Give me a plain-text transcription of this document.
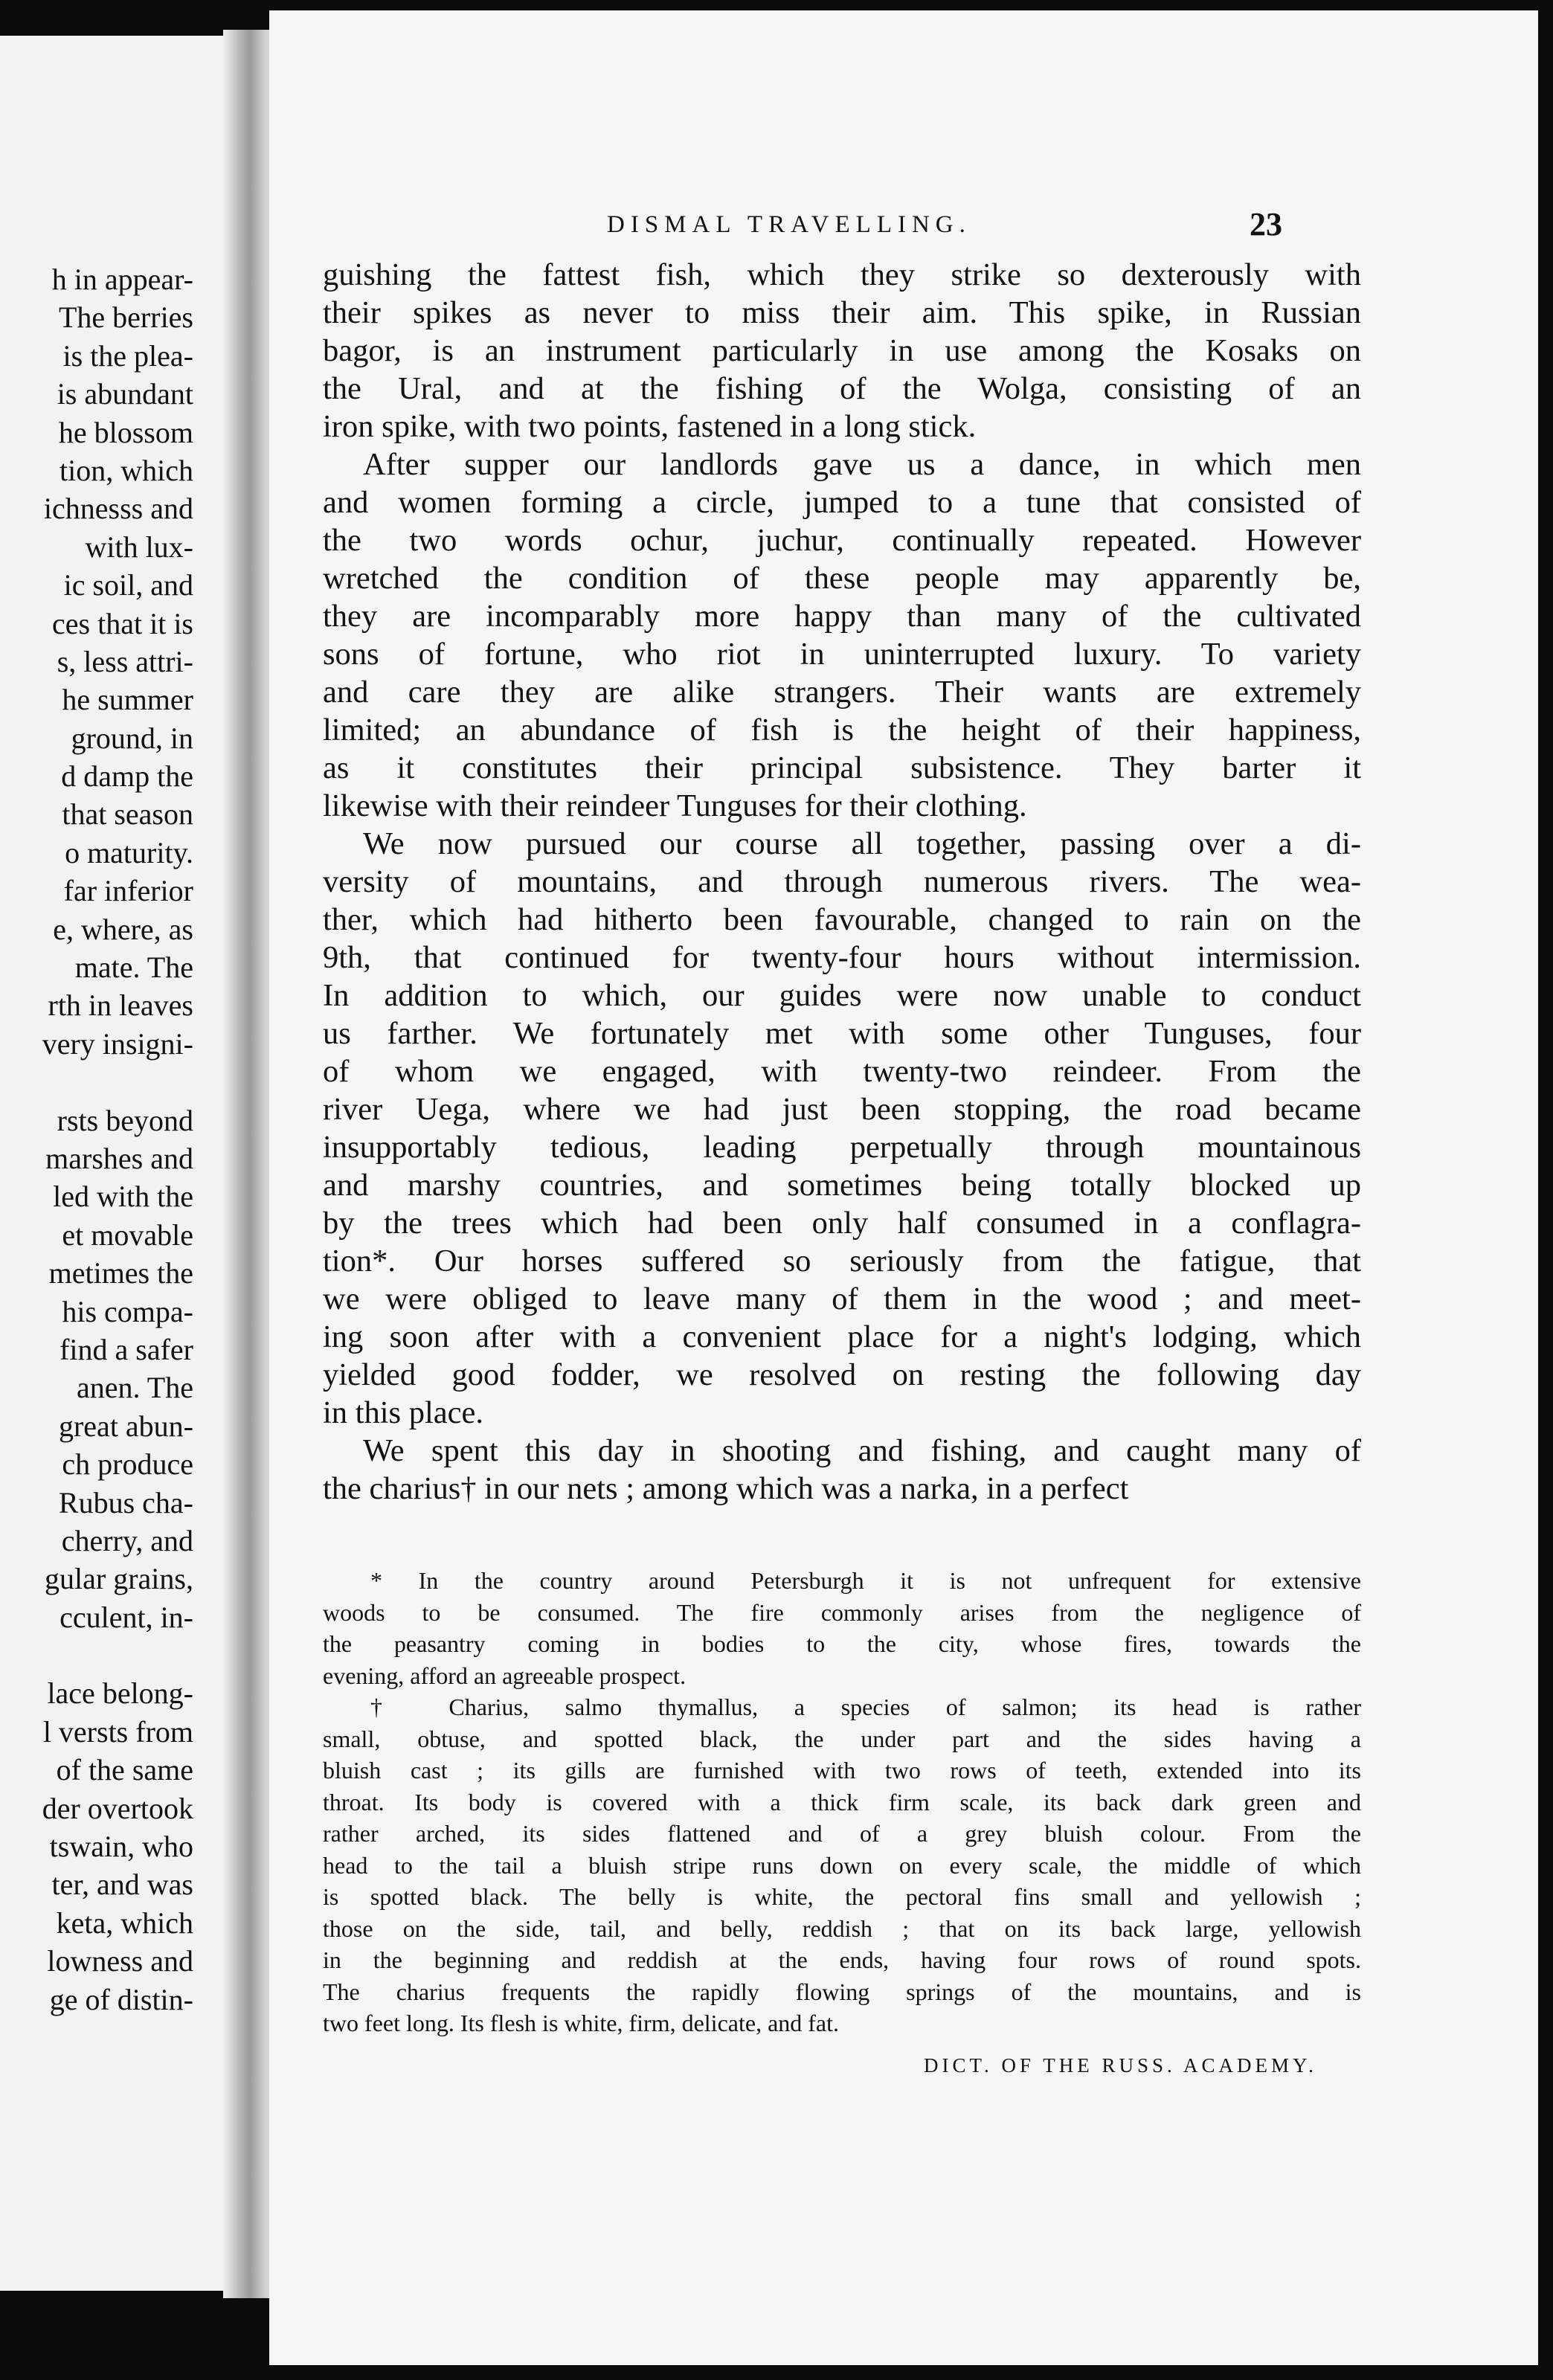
h in appear-
The berries
is the plea-
is abundant
he blossom
tion, which
ichnesss and
with lux-
ic soil, and
ces that it is
s, less attri-
he summer
ground, in
d damp the
that season
o maturity.
far inferior
e, where, as
mate. The
rth in leaves
very insigni-
rsts beyond
marshes and
led with the
et movable
metimes the
his compa-
find a safer
anen. The
great abun-
ch produce
Rubus cha-
cherry, and
gular grains,
cculent, in-
lace belong-
l versts from
of the same
der overtook
tswain, who
ter, and was
keta, which
lowness and
ge of distin-
DISMAL TRAVELLING.	23
guishing the fattest fish, which they strike so dexterously with
their spikes as never to miss their aim. This spike, in Russian
bagor, is an instrument particularly in use among the Kosaks on
the Ural, and at the fishing of the Wolga, consisting of an
iron spike, with two points, fastened in a long stick.
After supper our landlords gave us a dance, in which men
and women forming a circle, jumped to a tune that consisted of
the two words ochur, juchur, continually repeated. However
wretched the condition of these people may apparently be,
they are incomparably more happy than many of the cultivated
sons of fortune, who riot in uninterrupted luxury. To variety
and care they are alike strangers. Their wants are extremely
limited; an abundance of fish is the height of their happiness,
as it constitutes their principal subsistence. They barter it
likewise with their reindeer Tunguses for their clothing.
We now pursued our course all together, passing over a di-
versity of mountains, and through numerous rivers. The wea-
ther, which had hitherto been favourable, changed to rain on the
9th, that continued for twenty-four hours without intermission.
In addition to which, our guides were now unable to conduct
us farther. We fortunately met with some other Tunguses, four
of whom we engaged, with twenty-two reindeer. From the
river Uega, where we had just been stopping, the road became
insupportably tedious, leading perpetually through mountainous
and marshy countries, and sometimes being totally blocked up
by the trees which had been only half consumed in a conflagra-
tion*. Our horses suffered so seriously from the fatigue, that
we were obliged to leave many of them in the wood ; and meet-
ing soon after with a convenient place for a night's lodging, which
yielded good fodder, we resolved on resting the following day
in this place.
We spent this day in shooting and fishing, and caught many of
the charius† in our nets ; among which was a narka, in a perfect
* In the country around Petersburgh it is not unfrequent for extensive
woods to be consumed. The fire commonly arises from the negligence of
the peasantry coming in bodies to the city, whose fires, towards the
evening, afford an agreeable prospect.
† Charius, salmo thymallus, a species of salmon; its head is rather
small, obtuse, and spotted black, the under part and the sides having a
bluish cast ; its gills are furnished with two rows of teeth, extended into its
throat. Its body is covered with a thick firm scale, its back dark green and
rather arched, its sides flattened and of a grey bluish colour. From the
head to the tail a bluish stripe runs down on every scale, the middle of which
is spotted black. The belly is white, the pectoral fins small and yellowish ;
those on the side, tail, and belly, reddish ; that on its back large, yellowish
in the beginning and reddish at the ends, having four rows of round spots.
The charius frequents the rapidly flowing springs of the mountains, and is
two feet long. Its flesh is white, firm, delicate, and fat.
DICT. OF THE RUSS. ACADEMY.
